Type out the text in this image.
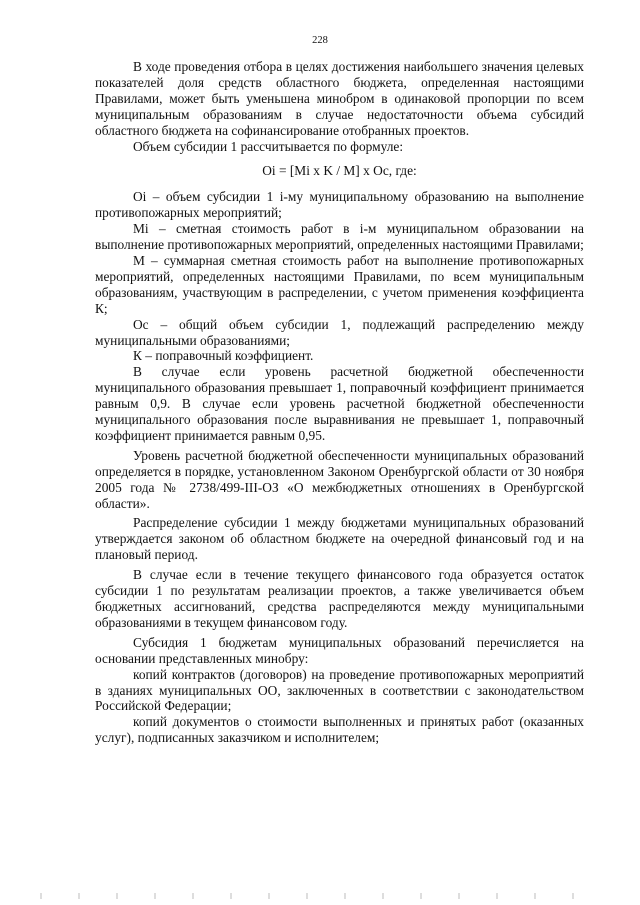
228

В ходе проведения отбора в целях достижения наибольшего значения целевых показателей доля средств областного бюджета, определенная настоящими Правилами, может быть уменьшена минобром в одинаковой пропорции по всем муниципальным образованиям в случае недостаточности объема субсидий областного бюджета на софинансирование отобранных проектов.

Объем субсидии 1 рассчитывается по формуле:

Oi = [Mi x K / M] x Oc, где:

Oi – объем субсидии 1 i-му муниципальному образованию на выполнение противопожарных мероприятий;

Mi – сметная стоимость работ в i-м муниципальном образовании на выполнение противопожарных мероприятий, определенных настоящими Правилами;

М – суммарная сметная стоимость работ на выполнение противопожарных мероприятий, определенных настоящими Правилами, по всем муниципальным образованиям, участвующим в распределении, с учетом применения коэффициента К;

Ос – общий объем субсидии 1, подлежащий распределению между муниципальными образованиями;

К – поправочный коэффициент.

В случае если уровень расчетной бюджетной обеспеченности муниципального образования превышает 1, поправочный коэффициент принимается равным 0,9. В случае если уровень расчетной бюджетной обеспеченности муниципального образования после выравнивания не превышает 1, поправочный коэффициент принимается равным 0,95.

Уровень расчетной бюджетной обеспеченности муниципальных образований определяется в порядке, установленном Законом Оренбургской области от 30 ноября 2005 года № 2738/499-III-ОЗ «О межбюджетных отношениях в Оренбургской области».

Распределение субсидии 1 между бюджетами муниципальных образований утверждается законом об областном бюджете на очередной финансовый год и на плановый период.

В случае если в течение текущего финансового года образуется остаток субсидии 1 по результатам реализации проектов, а также увеличивается объем бюджетных ассигнований, средства распределяются между муниципальными образованиями в текущем финансовом году.

Субсидия 1 бюджетам муниципальных образований перечисляется на основании представленных минобру:

копий контрактов (договоров) на проведение противопожарных мероприятий в зданиях муниципальных ОО, заключенных в соответствии с законодательством Российской Федерации;

копий документов о стоимости выполненных и принятых работ (оказанных услуг), подписанных заказчиком и исполнителем;
